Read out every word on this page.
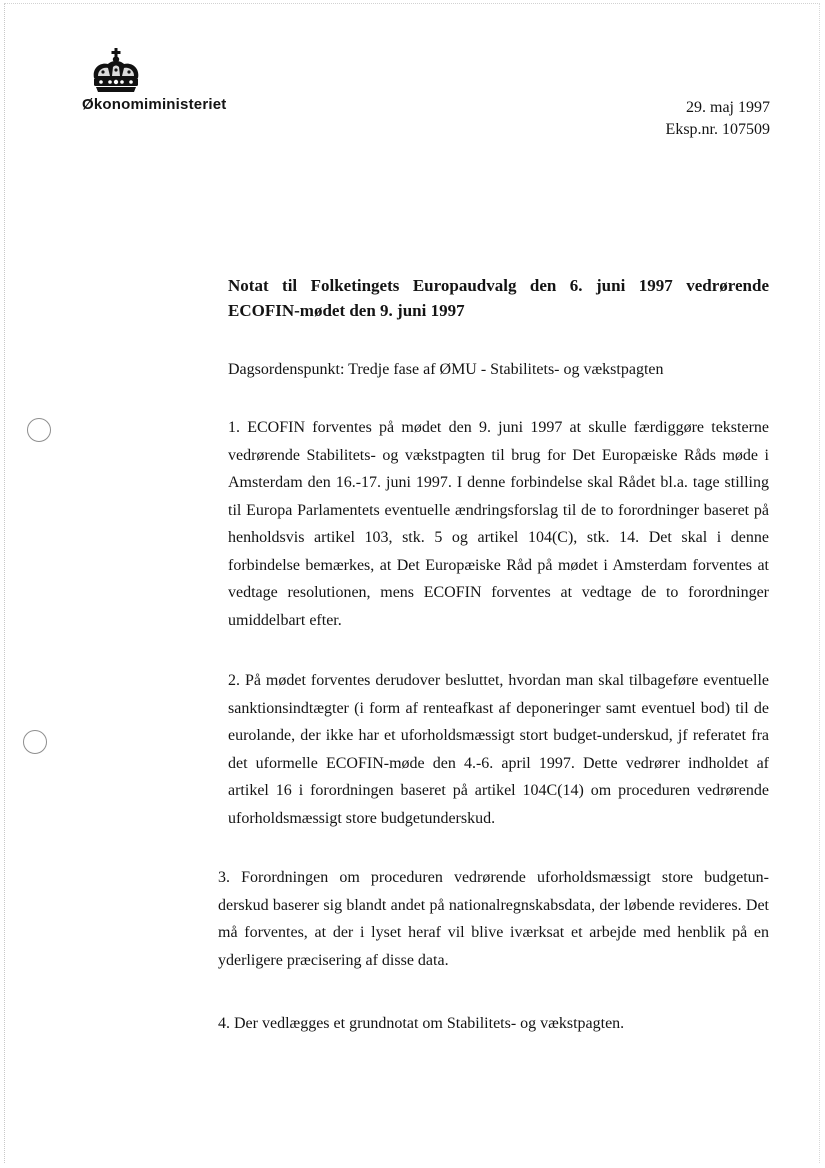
Økonomiministeriet	29. maj 1997
Eksp.nr. 107509
Notat til Folketingets Europaudvalg den 6. juni 1997 vedrørende ECOFIN-mødet den 9. juni 1997

Dagsordenspunkt: Tredje fase af ØMU - Stabilitets- og vækstpagten

1. ECOFIN forventes på mødet den 9. juni 1997 at skulle færdiggøre teksterne vedrørende Stabilitets- og vækstpagten til brug for Det Europæiske Råds møde i Amsterdam den 16.-17. juni 1997. I denne forbindelse skal Rådet bl.a. tage stilling til Europa Parlamentets eventuelle ændringsforslag til de to forordninger baseret på henholdsvis artikel 103, stk. 5 og artikel 104(C), stk. 14. Det skal i denne forbindelse bemærkes, at Det Europæiske Råd på mødet i Amsterdam forventes at vedtage resolutionen, mens ECOFIN forventes at vedtage de to forordninger umiddelbart efter.

2. På mødet forventes derudover besluttet, hvordan man skal tilbageføre eventuelle sanktionsindtægter (i form af renteafkast af deponeringer samt eventuel bod) til de eurolande, der ikke har et uforholdsmæssigt stort budget-underskud, jf referatet fra det uformelle ECOFIN-møde den 4.-6. april 1997. Dette vedrører indholdet af artikel 16 i forordningen baseret på artikel 104C(14) om proceduren vedrørende uforholdsmæssigt store budgetunderskud.

3. Forordningen om proceduren vedrørende uforholdsmæssigt store budgetun-derskud baserer sig blandt andet på nationalregnskabsdata, der løbende revideres. Det må forventes, at der i lyset heraf vil blive iværksat et arbejde med henblik på en yderligere præcisering af disse data.

4. Der vedlægges et grundnotat om Stabilitets- og vækstpagten.
